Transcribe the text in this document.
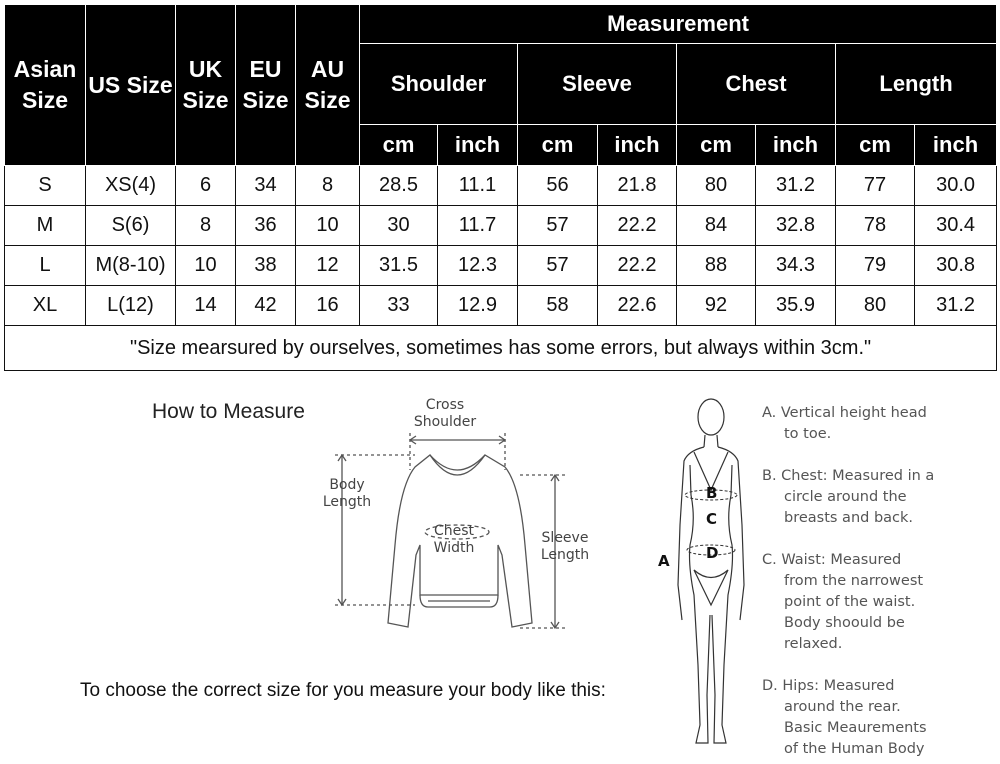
Asian Size	US Size	UK Size	EU Size	AU Size	Measurement							
					Shoulder		Sleeve		Chest		Length	
					cm	inch	cm	inch	cm	inch	cm	inch
S	XS(4)	6	34	8	28.5	11.1	56	21.8	80	31.2	77	30.0
M	S(6)	8	36	10	30	11.7	57	22.2	84	32.8	78	30.4
L	M(8-10)	10	38	12	31.5	12.3	57	22.2	88	34.3	79	30.8
XL	L(12)	14	42	16	33	12.9	58	22.6	92	35.9	80	31.2
"Size mearsured by ourselves, sometimes has some errors, but always within 3cm."												
How to Measure
To choose the correct size for you measure your body like this:
Cross
Shoulder
Body
Length
Chest
Width
Sleeve
Length
B
C
D
A
A. Vertical height head
to toe.
B. Chest: Measured in a
circle around the
breasts and back.
C. Waist: Measured
from the narrowest
point of the waist.
Body shoould be
relaxed.
D. Hips: Measured
around the rear.
Basic Meaurements
of the Human Body
